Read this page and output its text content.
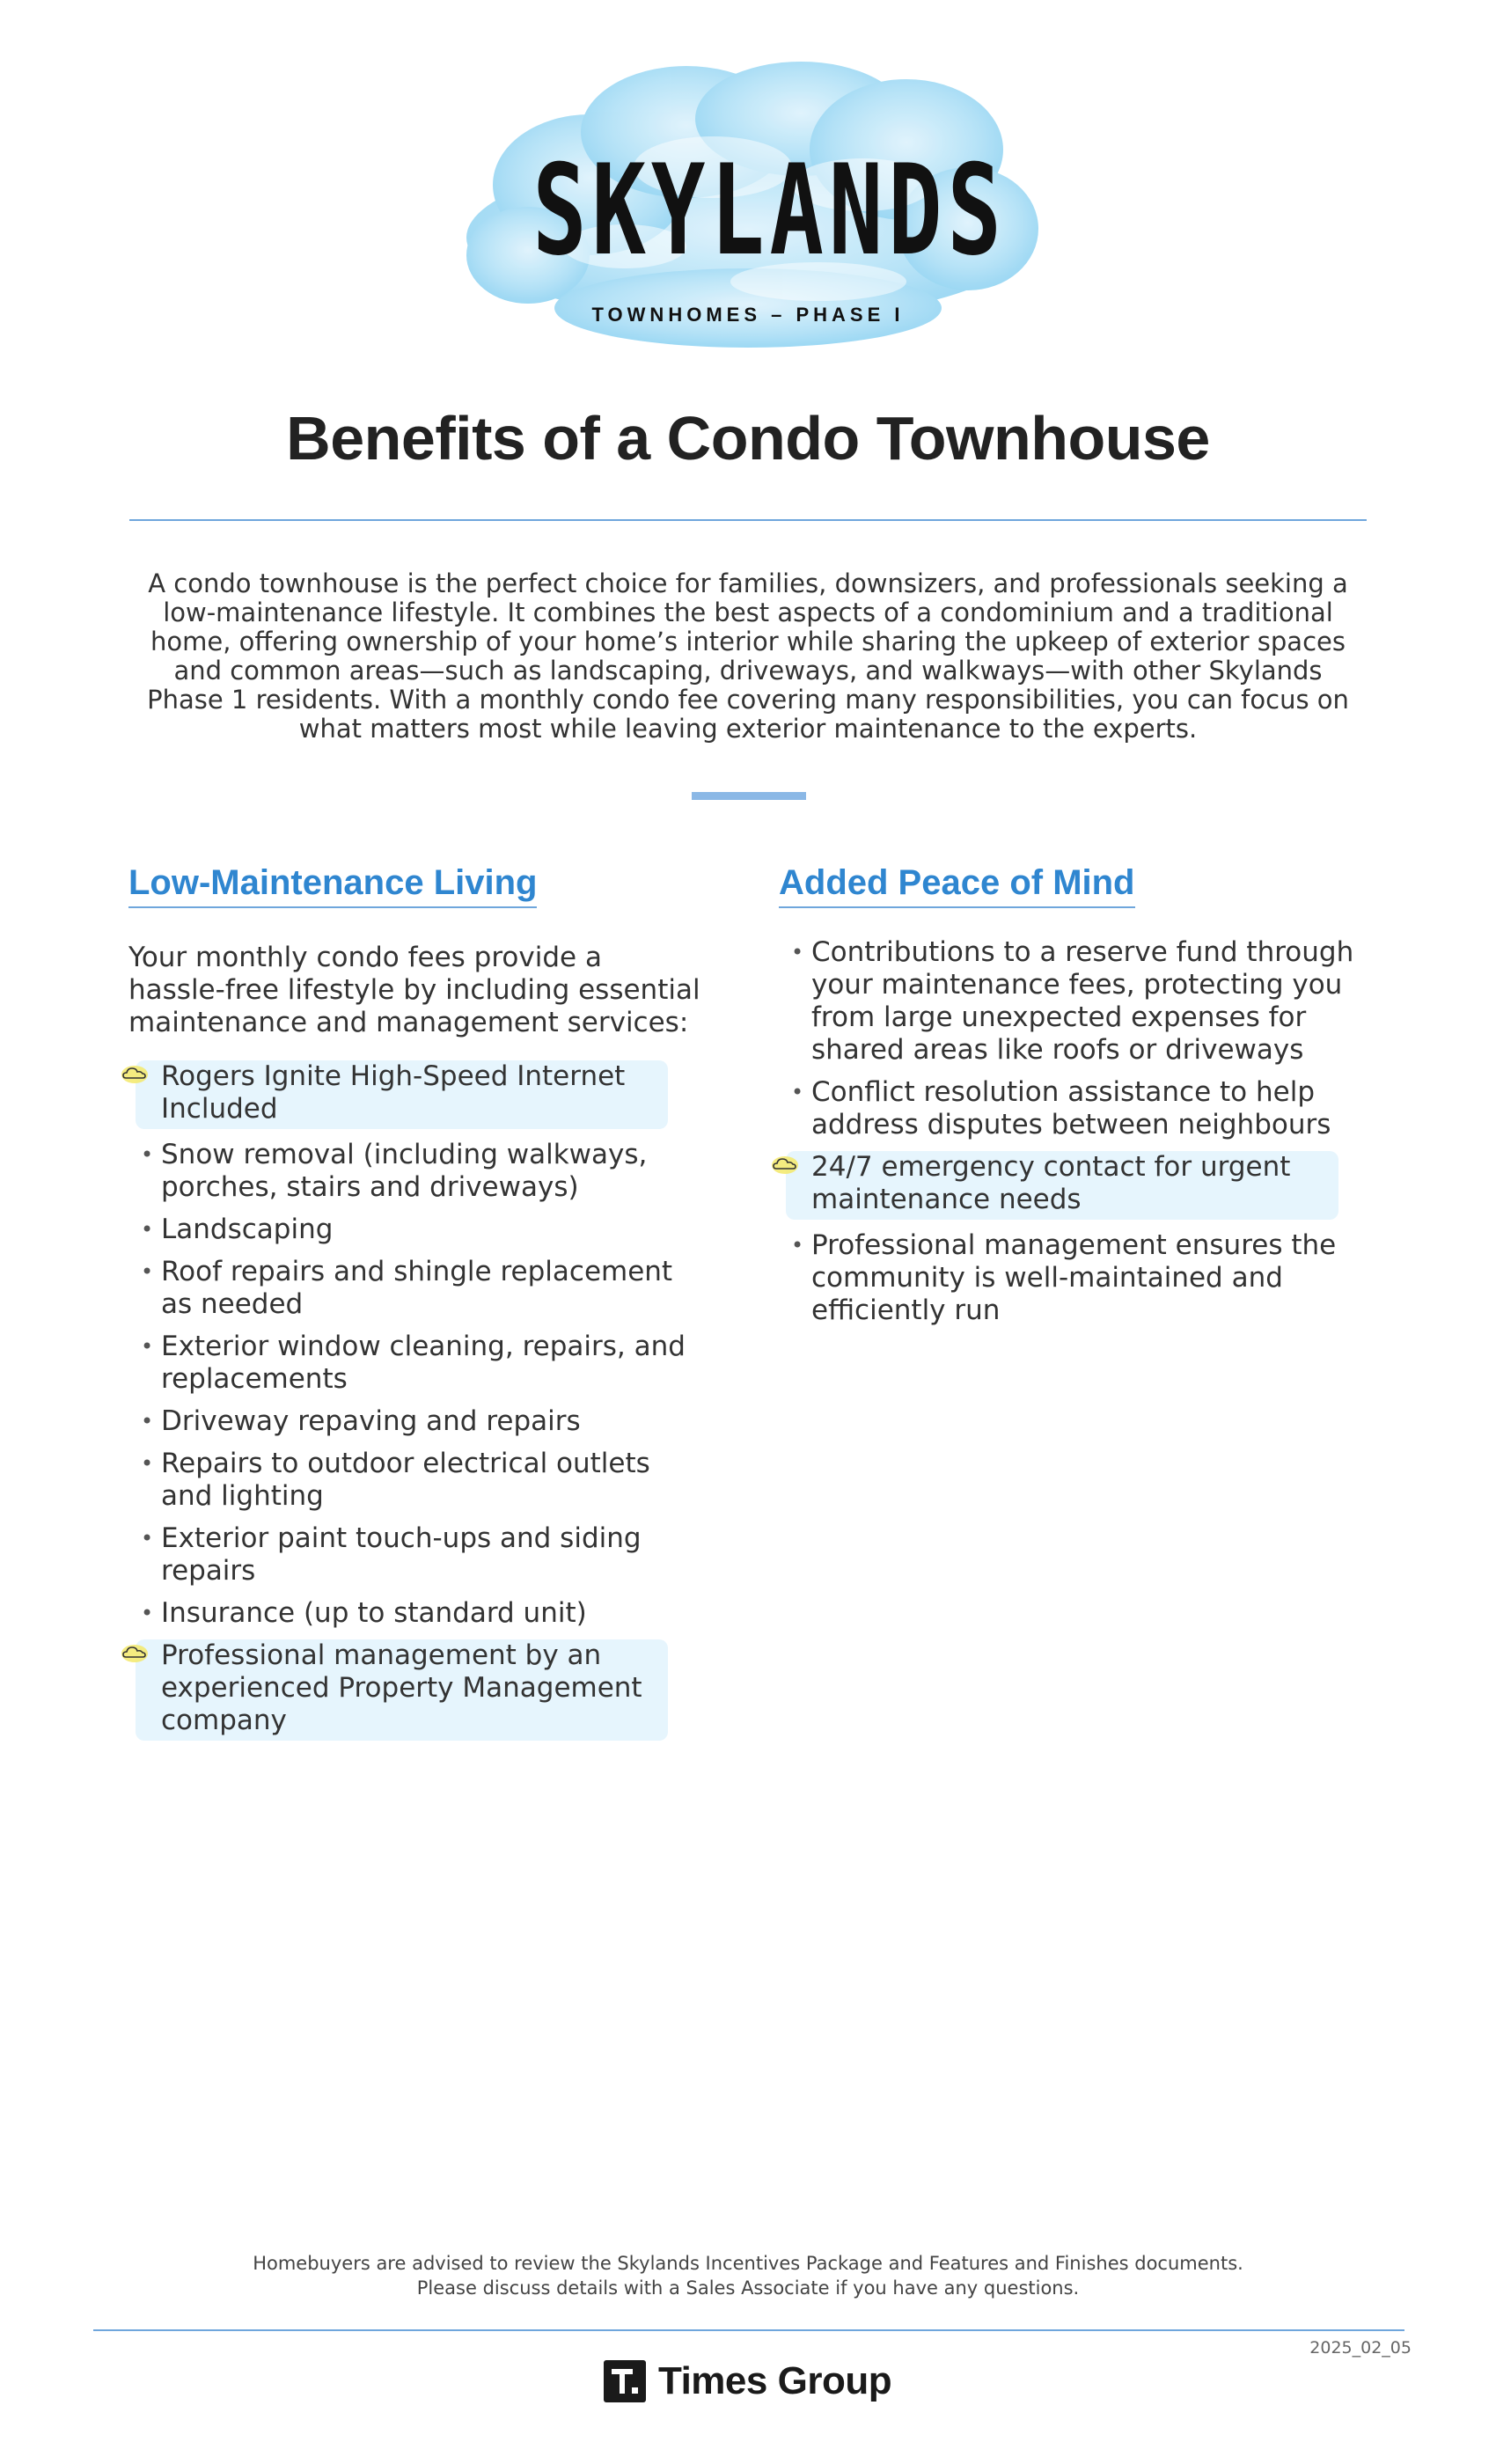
SKYLANDS
TOWNHOMES – PHASE I
Benefits of a Condo Townhouse
A condo townhouse is the perfect choice for families, downsizers, and professionals seeking a low-maintenance lifestyle. It combines the best aspects of a condominium and a traditional home, offering ownership of your home’s interior while sharing the upkeep of exterior spaces and common areas—such as landscaping, driveways, and walkways—with other Skylands Phase 1 residents. With a monthly condo fee covering many responsibilities, you can focus on what matters most while leaving exterior maintenance to the experts.
Low-Maintenance Living

Your monthly condo fees provide a hassle-free lifestyle by including essential maintenance and management services:

Rogers Ignite High-Speed Internet Included
• Snow removal (including walkways, porches, stairs and driveways)
• Landscaping
• Roof repairs and shingle replacement as needed
• Exterior window cleaning, repairs, and replacements
• Driveway repaving and repairs
• Repairs to outdoor electrical outlets and lighting
• Exterior paint touch-ups and siding repairs
• Insurance (up to standard unit)
Professional management by an experienced Property Management company
Added Peace of Mind
• Contributions to a reserve fund through your maintenance fees, protecting you from large unexpected expenses for shared areas like roofs or driveways
• Conflict resolution assistance to help address disputes between neighbours
24/7 emergency contact for urgent maintenance needs
• Professional management ensures the community is well-maintained and efficiently run
Homebuyers are advised to review the Skylands Incentives Package and Features and Finishes documents.
Please discuss details with a Sales Associate if you have any questions.
2025_02_05
Times Group
